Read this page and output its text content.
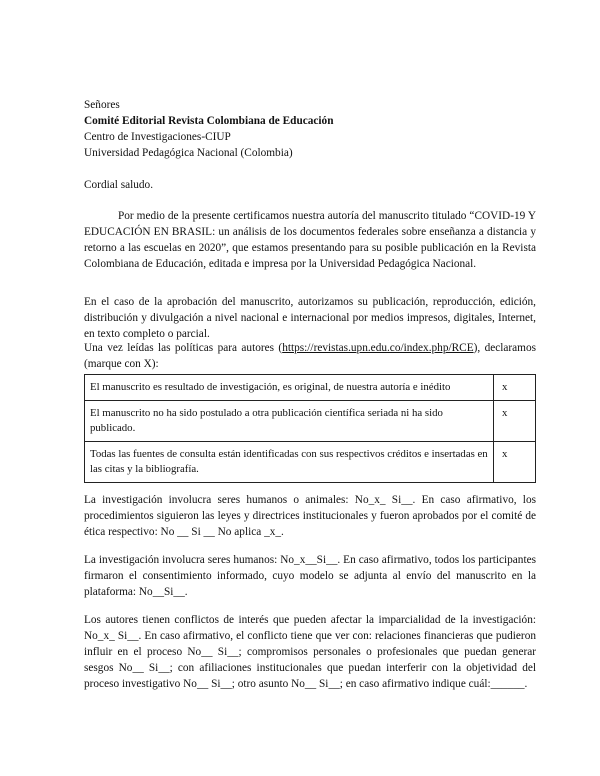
Señores
Comité Editorial Revista Colombiana de Educación
Centro de Investigaciones-CIUP
Universidad Pedagógica Nacional (Colombia)
Cordial saludo.
Por medio de la presente certificamos nuestra autoría del manuscrito titulado “COVID-19 Y EDUCACIÓN EN BRASIL: un análisis de los documentos federales sobre enseñanza a distancia y retorno a las escuelas en 2020”, que estamos presentando para su posible publicación en la Revista Colombiana de Educación, editada e impresa por la Universidad Pedagógica Nacional.
En el caso de la aprobación del manuscrito, autorizamos su publicación, reproducción, edición, distribución y divulgación a nivel nacional e internacional por medios impresos, digitales, Internet, en texto completo o parcial.
Una vez leídas las políticas para autores (https://revistas.upn.edu.co/index.php/RCE), declaramos (marque con X):
El manuscrito es resultado de investigación, es original, de nuestra autoría e inédito	x
El manuscrito no ha sido postulado a otra publicación científica seriada ni ha sido publicado.	x
Todas las fuentes de consulta están identificadas con sus respectivos créditos e insertadas en las citas y la bibliografía.	x
La investigación involucra seres humanos o animales: No_x_ Si__. En caso afirmativo, los procedimientos siguieron las leyes y directrices institucionales y fueron aprobados por el comité de ética respectivo: No __ Si __ No aplica _x_.
La investigación involucra seres humanos: No_x__Si__. En caso afirmativo, todos los participantes firmaron el consentimiento informado, cuyo modelo se adjunta al envío del manuscrito en la plataforma: No__Si__.
Los autores tienen conflictos de interés que pueden afectar la imparcialidad de la investigación: No_x_ Si__. En caso afirmativo, el conflicto tiene que ver con: relaciones financieras que pudieron influir en el proceso No__ Si__; compromisos personales o profesionales que puedan generar sesgos No__ Si__; con afiliaciones institucionales que puedan interferir con la objetividad del proceso investigativo No__ Si__; otro asunto No__ Si__; en caso afirmativo indique cuál:______.
